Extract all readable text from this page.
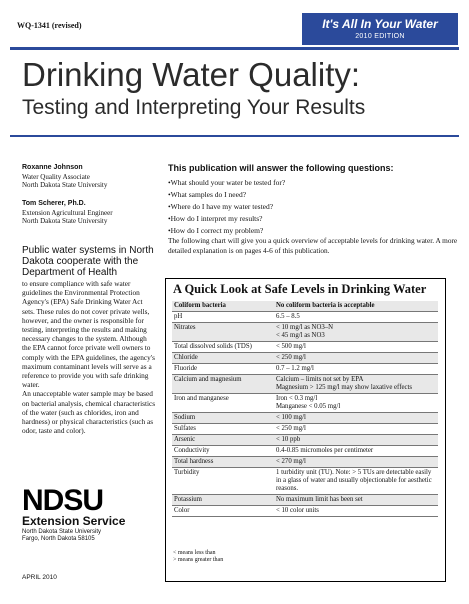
WQ-1341 (revised)	It's All In Your Water
2010 EDITION
Drinking Water Quality:
Testing and Interpreting Your Results
Roxanne Johnson
Water Quality Associate
North Dakota State University
Tom Scherer, Ph.D.
Extension Agricultural Engineer
North Dakota State University
Public water systems in North Dakota cooperate with the Department of Health

to ensure compliance with safe water guidelines the Environmental Protection Agency's (EPA) Safe Drinking Water Act sets. These rules do not cover private wells, however, and the owner is responsible for testing, interpreting the results and making necessary changes to the system. Although the EPA cannot force private well owners to comply with the EPA guidelines, the agency's maximum contaminant levels will serve as a reference to provide you with safe drinking water.

An unacceptable water sample may be based on bacterial analysis, chemical characteristics of the water (such as chlorides, iron and hardness) or physical characteristics (such as odor, taste and color).

NDSU
Extension Service
North Dakota State University
Fargo, North Dakota 58105
APRIL 2010
This publication will answer the following questions:
• What should your water be tested for?
• What samples do I need?
• Where do I have my water tested?
• How do I interpret my results?
• How do I correct my problem?
The following chart will give you a quick overview of acceptable levels for drinking water. A more detailed explanation is on pages 4-6 of this publication.
A Quick Look at Safe Levels in Drinking Water
Coliform bacteria	No coliform bacteria is acceptable
pH	6.5 – 8.5

Nitrates	< 10 mg/l as NO3–N
< 45 mg/l as NO3

Total dissolved solids (TDS)	< 500 mg/l

Chloride	< 250 mg/l

Fluoride	0.7 – 1.2 mg/l

Calcium and magnesium	Calcium – limits not set by EPA
Magnesium > 125 mg/l may show laxative effects

Iron and manganese	Iron < 0.3 mg/l
Manganese < 0.05 mg/l

Sodium	< 100 mg/l

Sulfates	< 250 mg/l

Arsenic	< 10 ppb

Conductivity	0.4-0.85 micromoles per centimeter

Total hardness	< 270 mg/l

Turbidity	1 turbidity unit (TU). Note: > 5 TUs are detectable easily in a glass of water and usually objectionable for aesthetic reasons.

Potassium	No maximum limit has been set

Color	< 10 color units
< means less than
> means greater than
